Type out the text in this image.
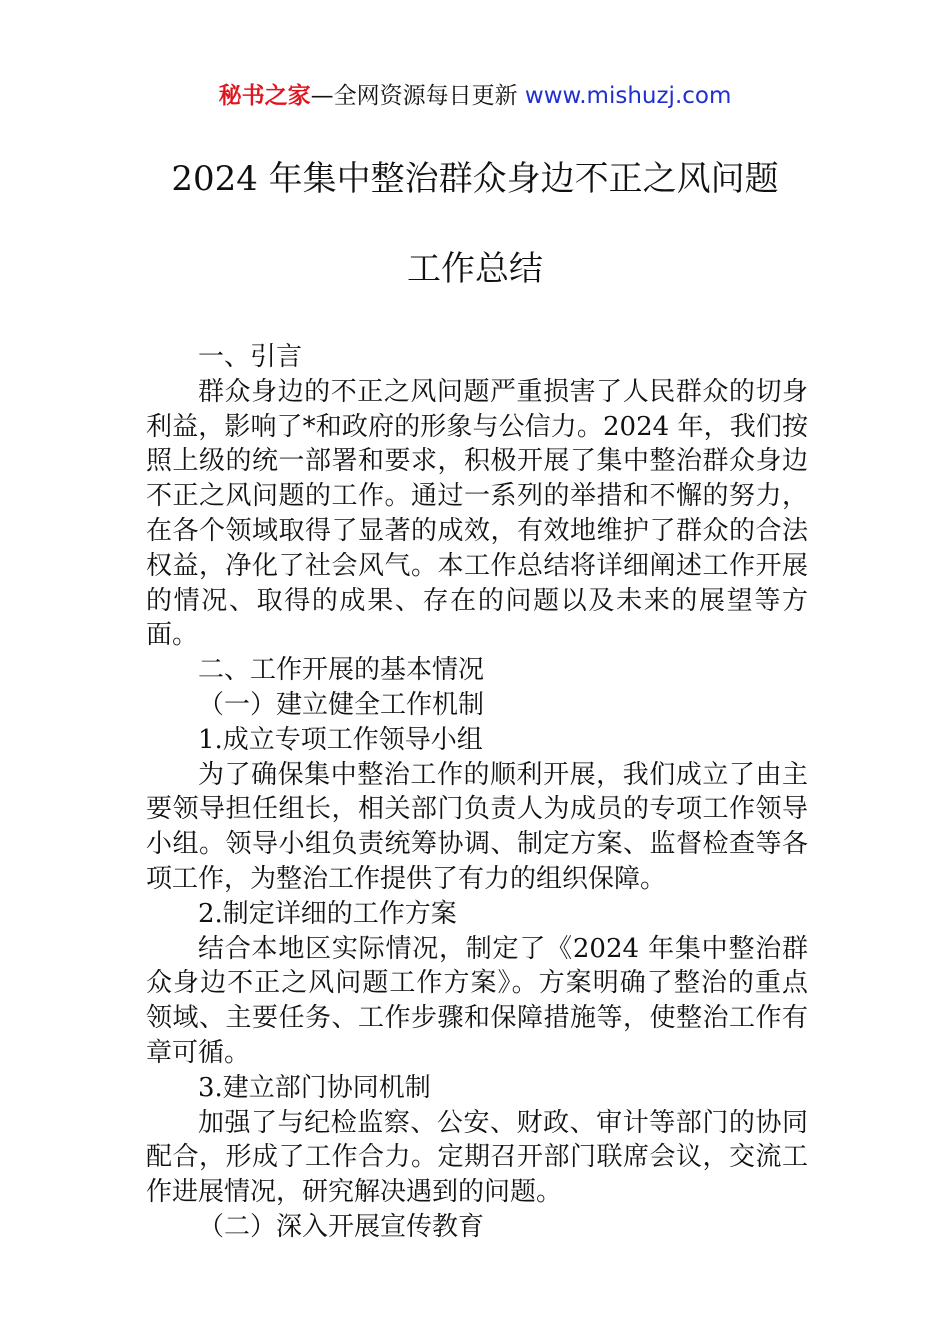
秘书之家—全网资源每日更新 www.mishuzj.com
2024 年集中整治群众身边不正之风问题
工作总结

一、引言

群众身边的不正之风问题严重损害了人民群众的切身利益，影响了*和政府的形象与公信力。2024 年，我们按照上级的统一部署和要求，积极开展了集中整治群众身边不正之风问题的工作。通过一系列的举措和不懈的努力，在各个领域取得了显著的成效，有效地维护了群众的合法权益，净化了社会风气。本工作总结将详细阐述工作开展的情况、取得的成果、存在的问题以及未来的展望等方面。

二、工作开展的基本情况

（一）建立健全工作机制

1.成立专项工作领导小组

为了确保集中整治工作的顺利开展，我们成立了由主要领导担任组长，相关部门负责人为成员的专项工作领导小组。领导小组负责统筹协调、制定方案、监督检查等各项工作，为整治工作提供了有力的组织保障。

2.制定详细的工作方案

结合本地区实际情况，制定了《2024 年集中整治群众身边不正之风问题工作方案》。方案明确了整治的重点领域、主要任务、工作步骤和保障措施等，使整治工作有章可循。

3.建立部门协同机制

加强了与纪检监察、公安、财政、审计等部门的协同配合，形成了工作合力。定期召开部门联席会议，交流工作进展情况，研究解决遇到的问题。

（二）深入开展宣传教育
